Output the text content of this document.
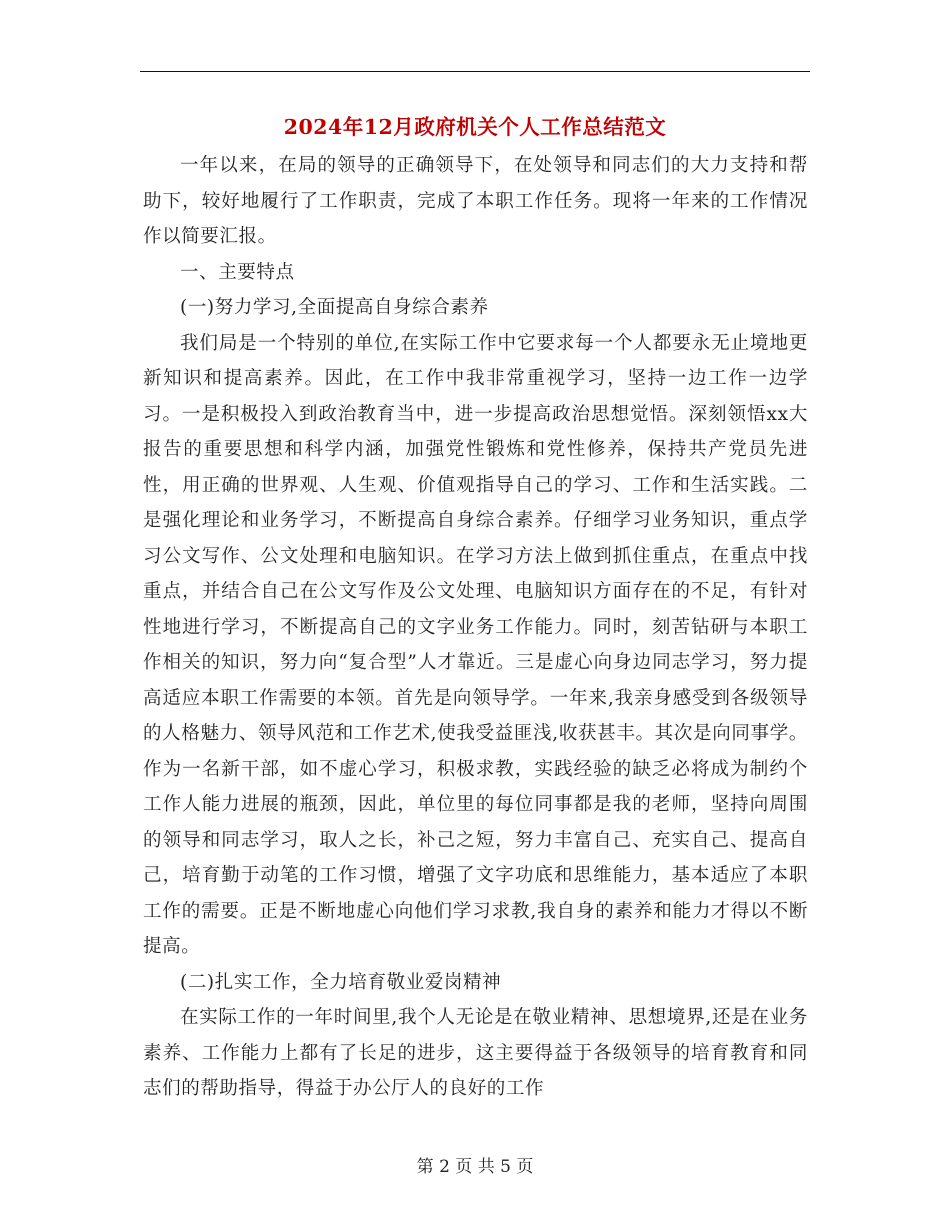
2024年12月政府机关个人工作总结范文

一年以来，在局的领导的正确领导下，在处领导和同志们的大力支持和帮助下，较好地履行了工作职责，完成了本职工作任务。现将一年来的工作情况作以简要汇报。

一、主要特点

(一)努力学习,全面提高自身综合素养

我们局是一个特别的单位,在实际工作中它要求每一个人都要永无止境地更新知识和提高素养。因此，在工作中我非常重视学习，坚持一边工作一边学习。一是积极投入到政治教育当中，进一步提高政治思想觉悟。深刻领悟xx大报告的重要思想和科学内涵，加强党性锻炼和党性修养，保持共产党员先进性，用正确的世界观、人生观、价值观指导自己的学习、工作和生活实践。二是强化理论和业务学习，不断提高自身综合素养。仔细学习业务知识，重点学习公文写作、公文处理和电脑知识。在学习方法上做到抓住重点，在重点中找重点，并结合自己在公文写作及公文处理、电脑知识方面存在的不足，有针对性地进行学习，不断提高自己的文字业务工作能力。同时，刻苦钻研与本职工作相关的知识，努力向“复合型”人才靠近。三是虚心向身边同志学习，努力提高适应本职工作需要的本领。首先是向领导学。一年来,我亲身感受到各级领导的人格魅力、领导风范和工作艺术,使我受益匪浅,收获甚丰。其次是向同事学。作为一名新干部，如不虚心学习，积极求教，实践经验的缺乏必将成为制约个工作人能力进展的瓶颈，因此，单位里的每位同事都是我的老师，坚持向周围的领导和同志学习，取人之长，补己之短，努力丰富自己、充实自己、提高自己，培育勤于动笔的工作习惯，增强了文字功底和思维能力，基本适应了本职工作的需要。正是不断地虚心向他们学习求教,我自身的素养和能力才得以不断提高。

(二)扎实工作，全力培育敬业爱岗精神

在实际工作的一年时间里,我个人无论是在敬业精神、思想境界,还是在业务素养、工作能力上都有了长足的进步，这主要得益于各级领导的培育教育和同志们的帮助指导，得益于办公厅人的良好的工作

第 2 页 共 5 页
